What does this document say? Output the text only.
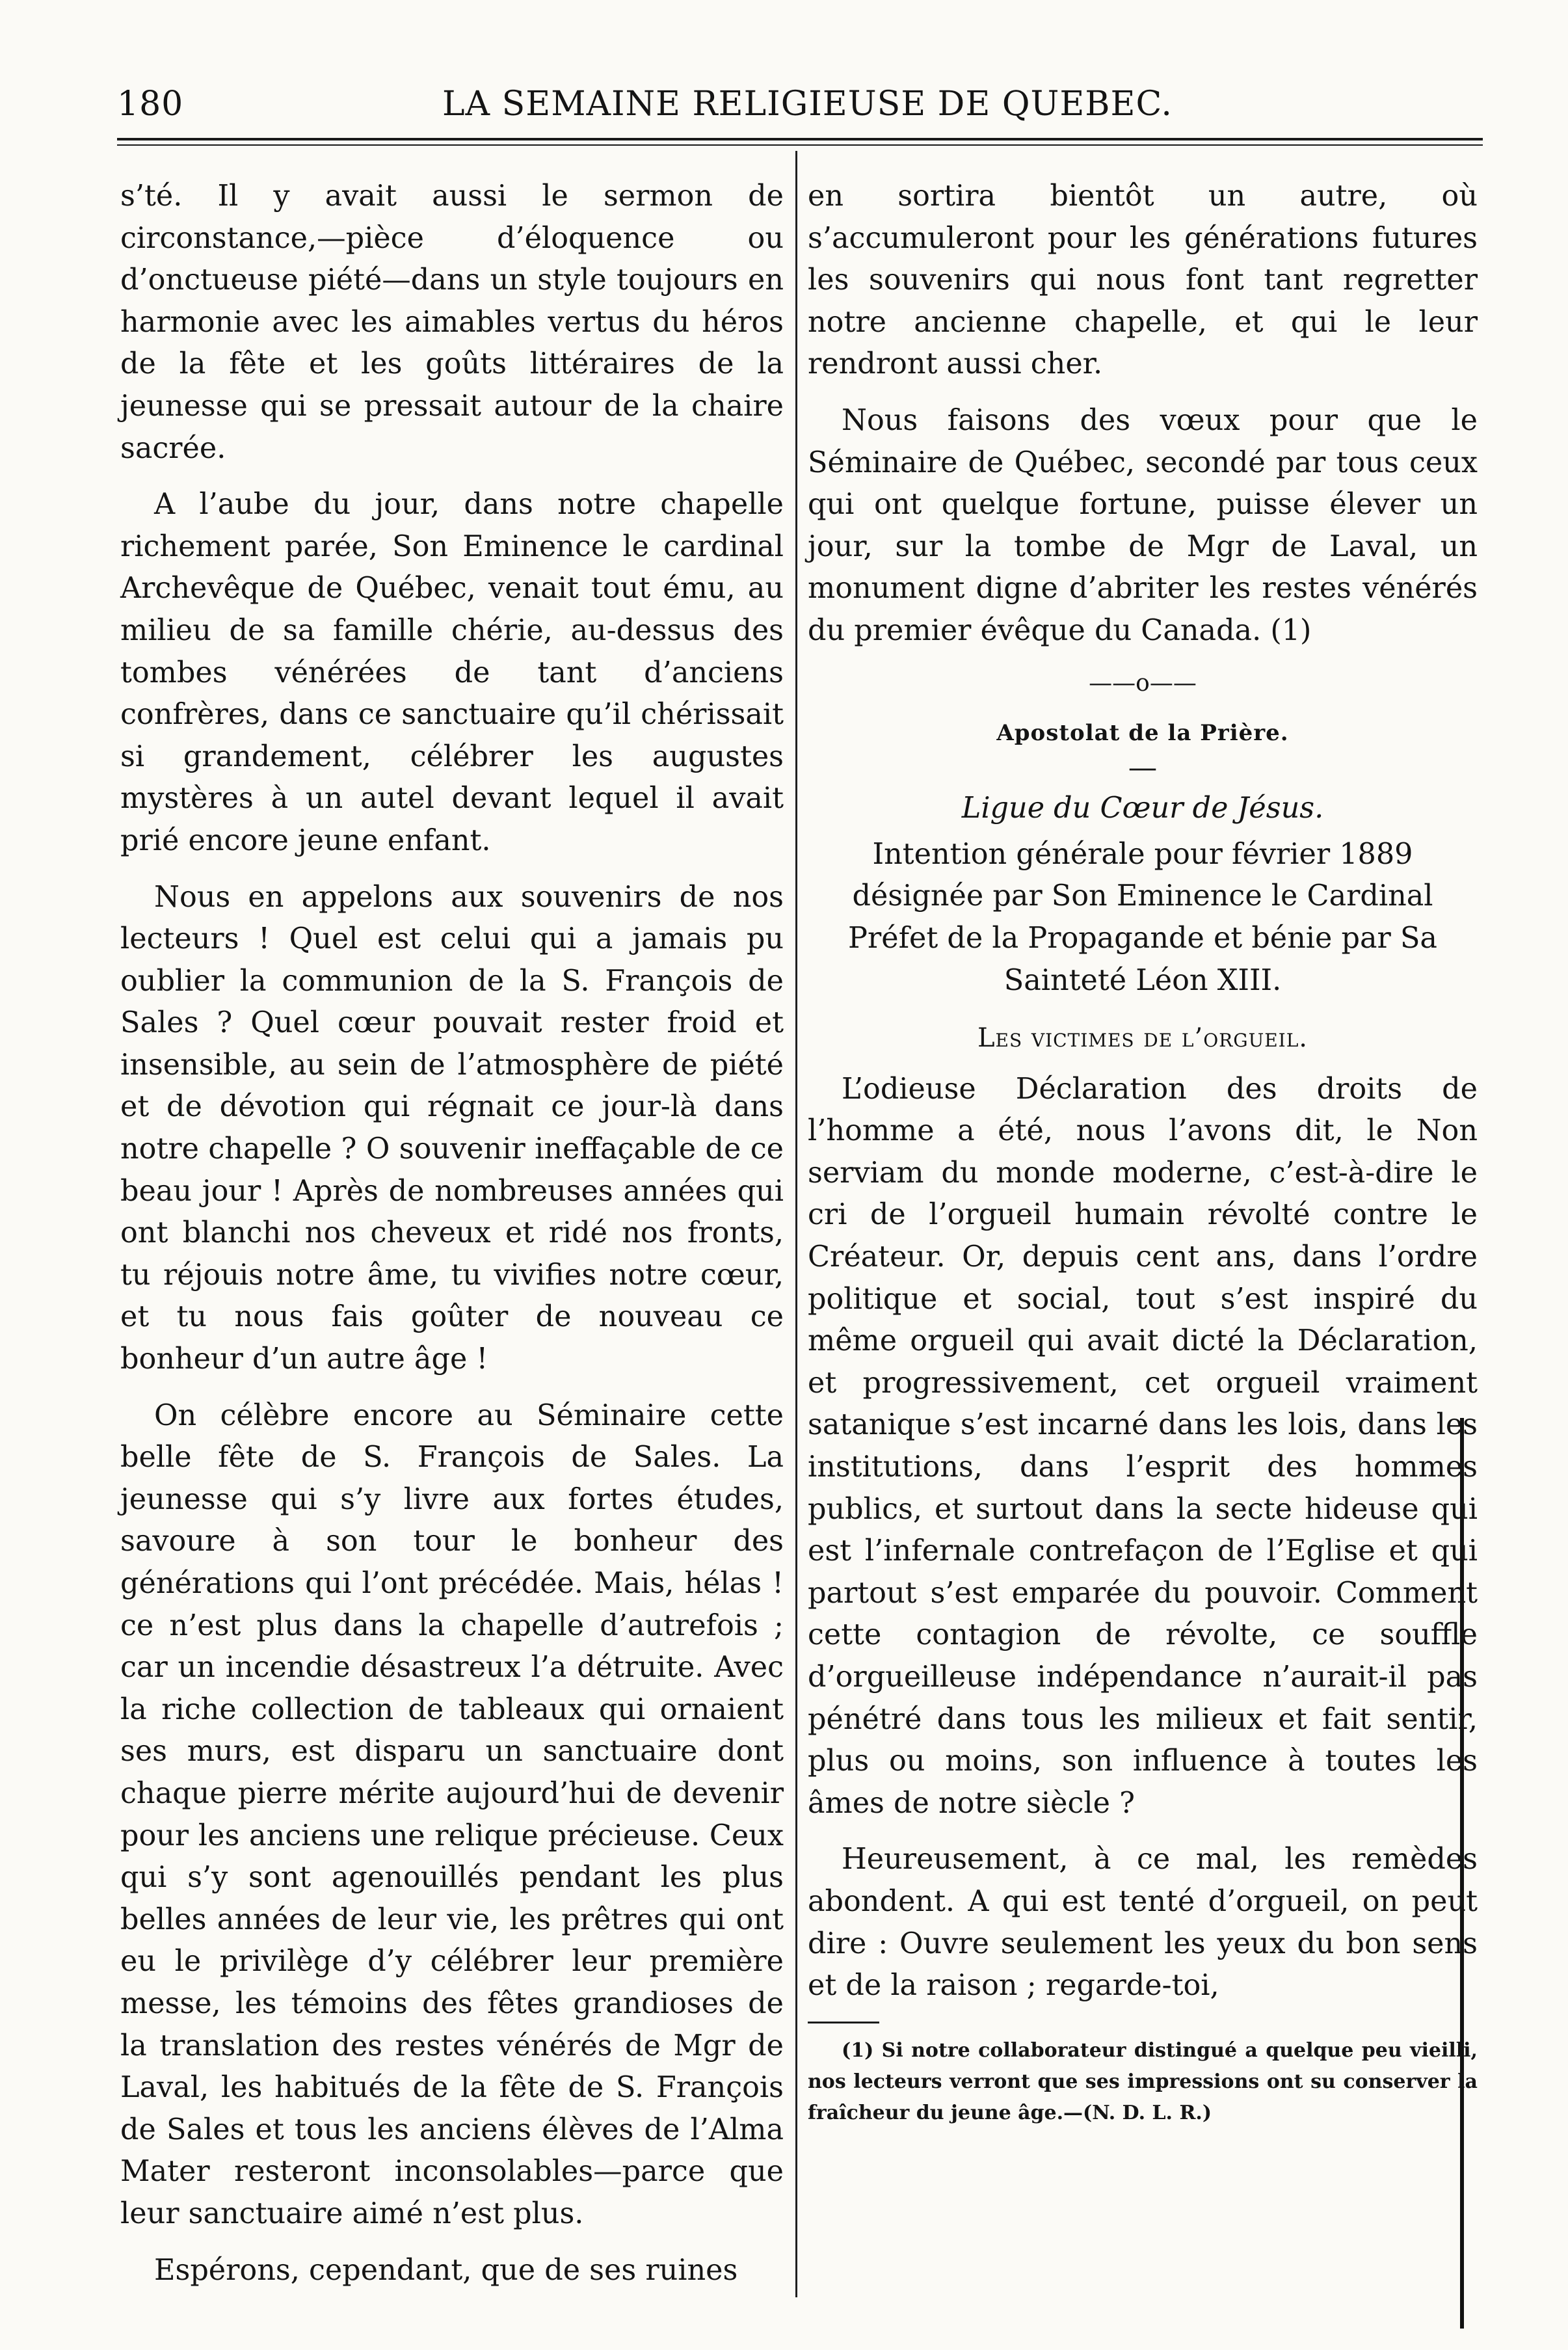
180	LA SEMAINE RELIGIEUSE DE QUEBEC.

s’té. Il y avait aussi le sermon de circonstance,—pièce d’éloquence ou d’onctueuse piété—dans un style toujours en harmonie avec les aimables vertus du héros de la fête et les goûts littéraires de la jeunesse qui se pressait autour de la chaire sacrée.

A l’aube du jour, dans notre chapelle richement parée, Son Eminence le cardinal Archevêque de Québec, venait tout ému, au milieu de sa famille chérie, au-dessus des tombes vénérées de tant d’anciens confrères, dans ce sanctuaire qu’il chérissait si grandement, célébrer les augustes mystères à un autel devant lequel il avait prié encore jeune enfant.

Nous en appelons aux souvenirs de nos lecteurs ! Quel est celui qui a jamais pu oublier la communion de la S. François de Sales ? Quel cœur pouvait rester froid et insensible, au sein de l’atmosphère de piété et de dévotion qui régnait ce jour-là dans notre chapelle ? O souvenir ineffaçable de ce beau jour ! Après de nombreuses années qui ont blanchi nos cheveux et ridé nos fronts, tu réjouis notre âme, tu vivifies notre cœur, et tu nous fais goûter de nouveau ce bonheur d’un autre âge !

On célèbre encore au Séminaire cette belle fête de S. François de Sales. La jeunesse qui s’y livre aux fortes études, savoure à son tour le bonheur des générations qui l’ont précédée. Mais, hélas ! ce n’est plus dans la chapelle d’autrefois ; car un incendie désastreux l’a détruite. Avec la riche collection de tableaux qui ornaient ses murs, est disparu un sanctuaire dont chaque pierre mérite aujourd’hui de devenir pour les anciens une relique précieuse. Ceux qui s’y sont agenouillés pendant les plus belles années de leur vie, les prêtres qui ont eu le privilège d’y célébrer leur première messe, les témoins des fêtes grandioses de la translation des restes vénérés de Mgr de Laval, les habitués de la fête de S. François de Sales et tous les anciens élèves de l’Alma Mater resteront inconsolables—parce que leur sanctuaire aimé n’est plus.

Espérons, cependant, que de ses ruines

en sortira bientôt un autre, où s’accumuleront pour les générations futures les souvenirs qui nous font tant regretter notre ancienne chapelle, et qui le leur rendront aussi cher.

Nous faisons des vœux pour que le Séminaire de Québec, secondé par tous ceux qui ont quelque fortune, puisse élever un jour, sur la tombe de Mgr de Laval, un monument digne d’abriter les restes vénérés du premier évêque du Canada. (1)

——o——
Apostolat de la Prière.
—
Ligue du Cœur de Jésus.
Intention générale pour février 1889 désignée par Son Eminence le Cardinal Préfet de la Propagande et bénie par Sa Sainteté Léon XIII.
Les victimes de l’orgueil.

L’odieuse Déclaration des droits de l’homme a été, nous l’avons dit, le Non serviam du monde moderne, c’est-à-dire le cri de l’orgueil humain révolté contre le Créateur. Or, depuis cent ans, dans l’ordre politique et social, tout s’est inspiré du même orgueil qui avait dicté la Déclaration, et progressivement, cet orgueil vraiment satanique s’est incarné dans les lois, dans les institutions, dans l’esprit des hommes publics, et surtout dans la secte hideuse qui est l’infernale contrefaçon de l’Eglise et qui partout s’est emparée du pouvoir. Comment cette contagion de révolte, ce souffle d’orgueilleuse indépendance n’aurait-il pas pénétré dans tous les milieux et fait sentir, plus ou moins, son influence à toutes les âmes de notre siècle ?

Heureusement, à ce mal, les remèdes abondent. A qui est tenté d’orgueil, on peut dire : Ouvre seulement les yeux du bon sens et de la raison ; regarde-toi,

(1) Si notre collaborateur distingué a quelque peu vieilli, nos lecteurs verront que ses impressions ont su conserver la fraîcheur du jeune âge.—(N. D. L. R.)
